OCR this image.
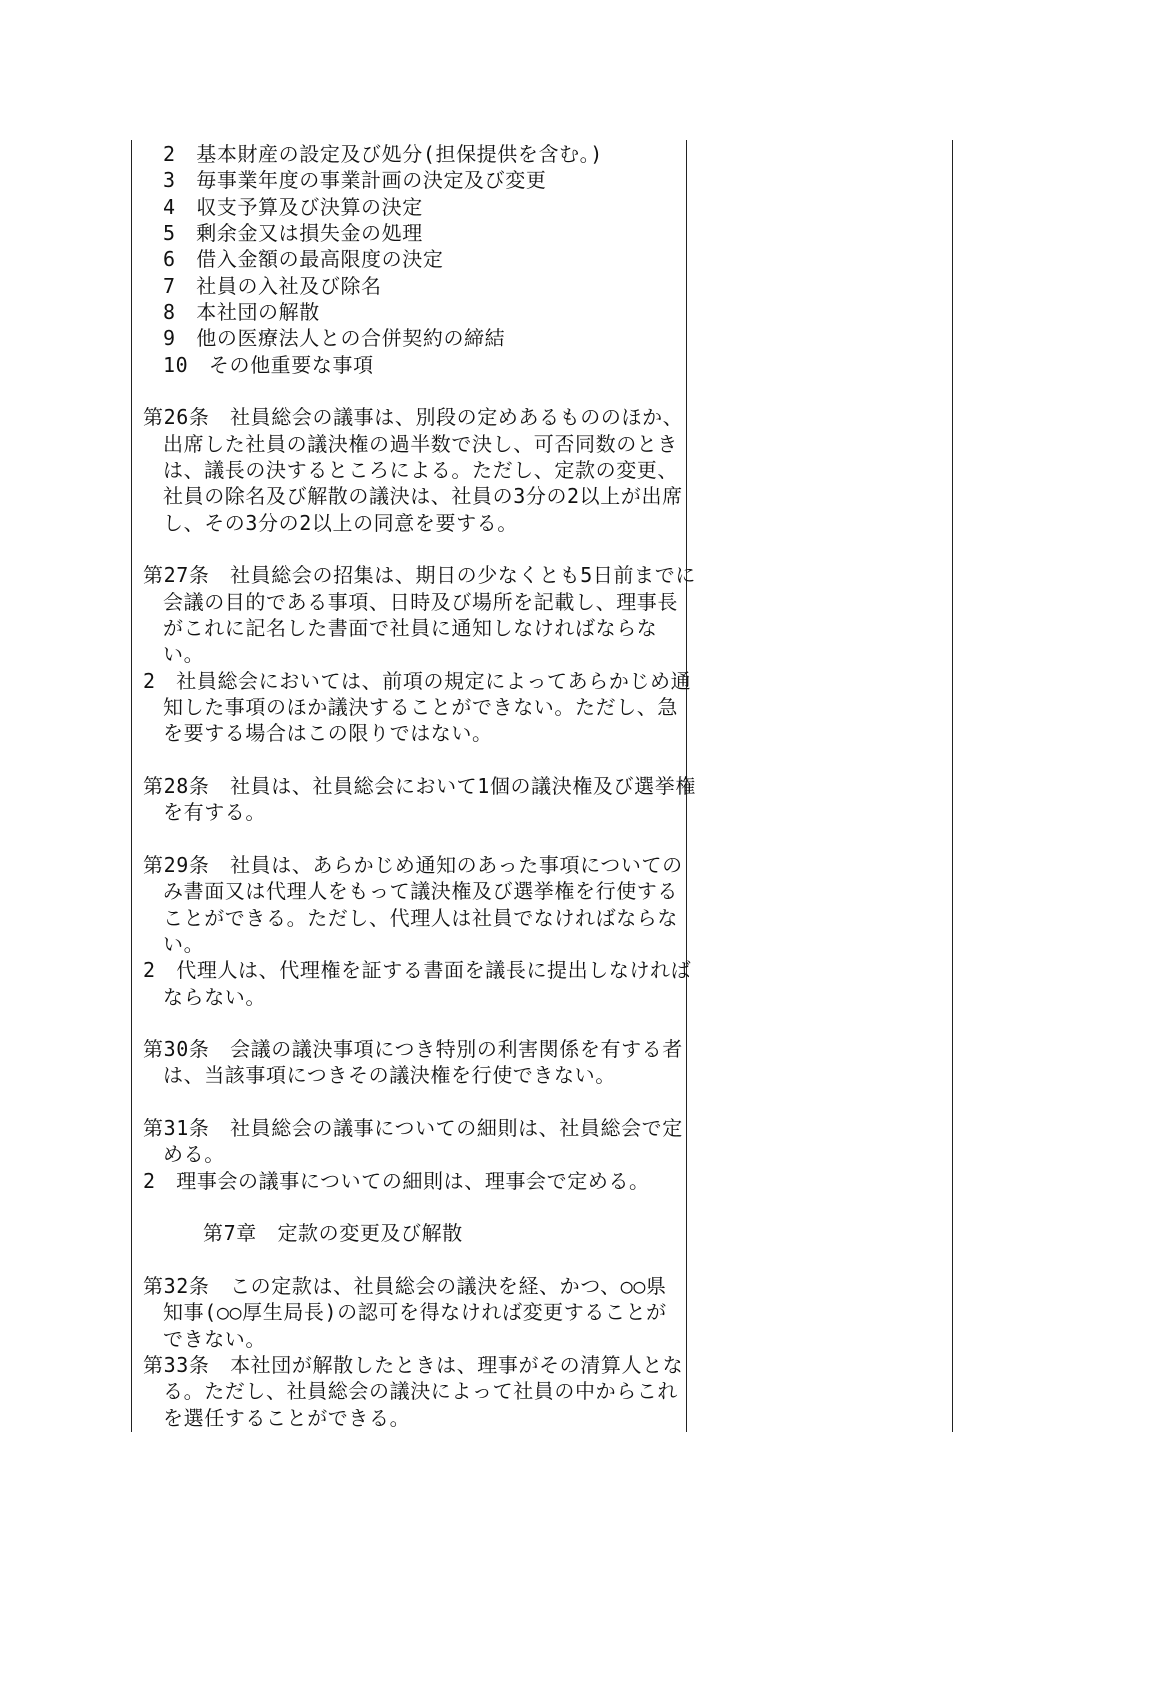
2　基本財産の設定及び処分(担保提供を含む。)
3　毎事業年度の事業計画の決定及び変更
4　収支予算及び決算の決定
5　剰余金又は損失金の処理
6　借入金額の最高限度の決定
7　社員の入社及び除名
8　本社団の解散
9　他の医療法人との合併契約の締結
10　その他重要な事項
第26条　社員総会の議事は、別段の定めあるもののほか、
出席した社員の議決権の過半数で決し、可否同数のとき
は、議長の決するところによる。ただし、定款の変更、
社員の除名及び解散の議決は、社員の3分の2以上が出席
し、その3分の2以上の同意を要する。
第27条　社員総会の招集は、期日の少なくとも5日前までに
会議の目的である事項、日時及び場所を記載し、理事長
がこれに記名した書面で社員に通知しなければならな
い。
2　社員総会においては、前項の規定によってあらかじめ通
知した事項のほか議決することができない。ただし、急
を要する場合はこの限りではない。
第28条　社員は、社員総会において1個の議決権及び選挙権
を有する。
第29条　社員は、あらかじめ通知のあった事項についての
み書面又は代理人をもって議決権及び選挙権を行使する
ことができる。ただし、代理人は社員でなければならな
い。
2　代理人は、代理権を証する書面を議長に提出しなければ
ならない。
第30条　会議の議決事項につき特別の利害関係を有する者
は、当該事項につきその議決権を行使できない。
第31条　社員総会の議事についての細則は、社員総会で定
める。
2　理事会の議事についての細則は、理事会で定める。
第7章　定款の変更及び解散
第32条　この定款は、社員総会の議決を経、かつ、○○県
知事(○○厚生局長)の認可を得なければ変更することが
できない。
第33条　本社団が解散したときは、理事がその清算人とな
る。ただし、社員総会の議決によって社員の中からこれ
を選任することができる。
